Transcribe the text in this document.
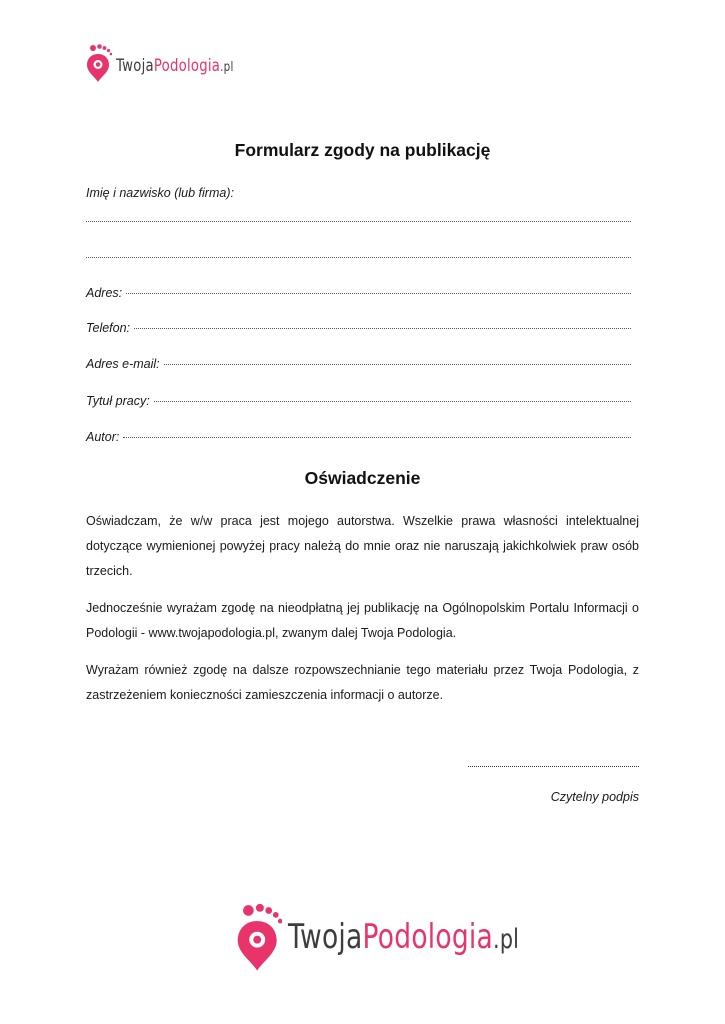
TwojaPodologia.pl
Formularz zgody na publikację
Imię i nazwisko (lub firma):
Adres:
Telefon:
Adres e-mail:
Tytuł pracy:
Autor:
Oświadczenie
Oświadczam, że w/w praca jest mojego autorstwa. Wszelkie prawa własności intelektualnej dotyczące wymienionej powyżej pracy należą do mnie oraz nie naruszają jakichkolwiek praw osób trzecich.
Jednocześnie wyrażam zgodę na nieodpłatną jej publikację na Ogólnopolskim Portalu Informacji o Podologii - www.twojapodologia.pl, zwanym dalej Twoja Podologia.
Wyrażam również zgodę na dalsze rozpowszechnianie tego materiału przez Twoja Podologia, z zastrzeżeniem konieczności zamieszczenia informacji o autorze.
Czytelny podpis
TwojaPodologia.pl
